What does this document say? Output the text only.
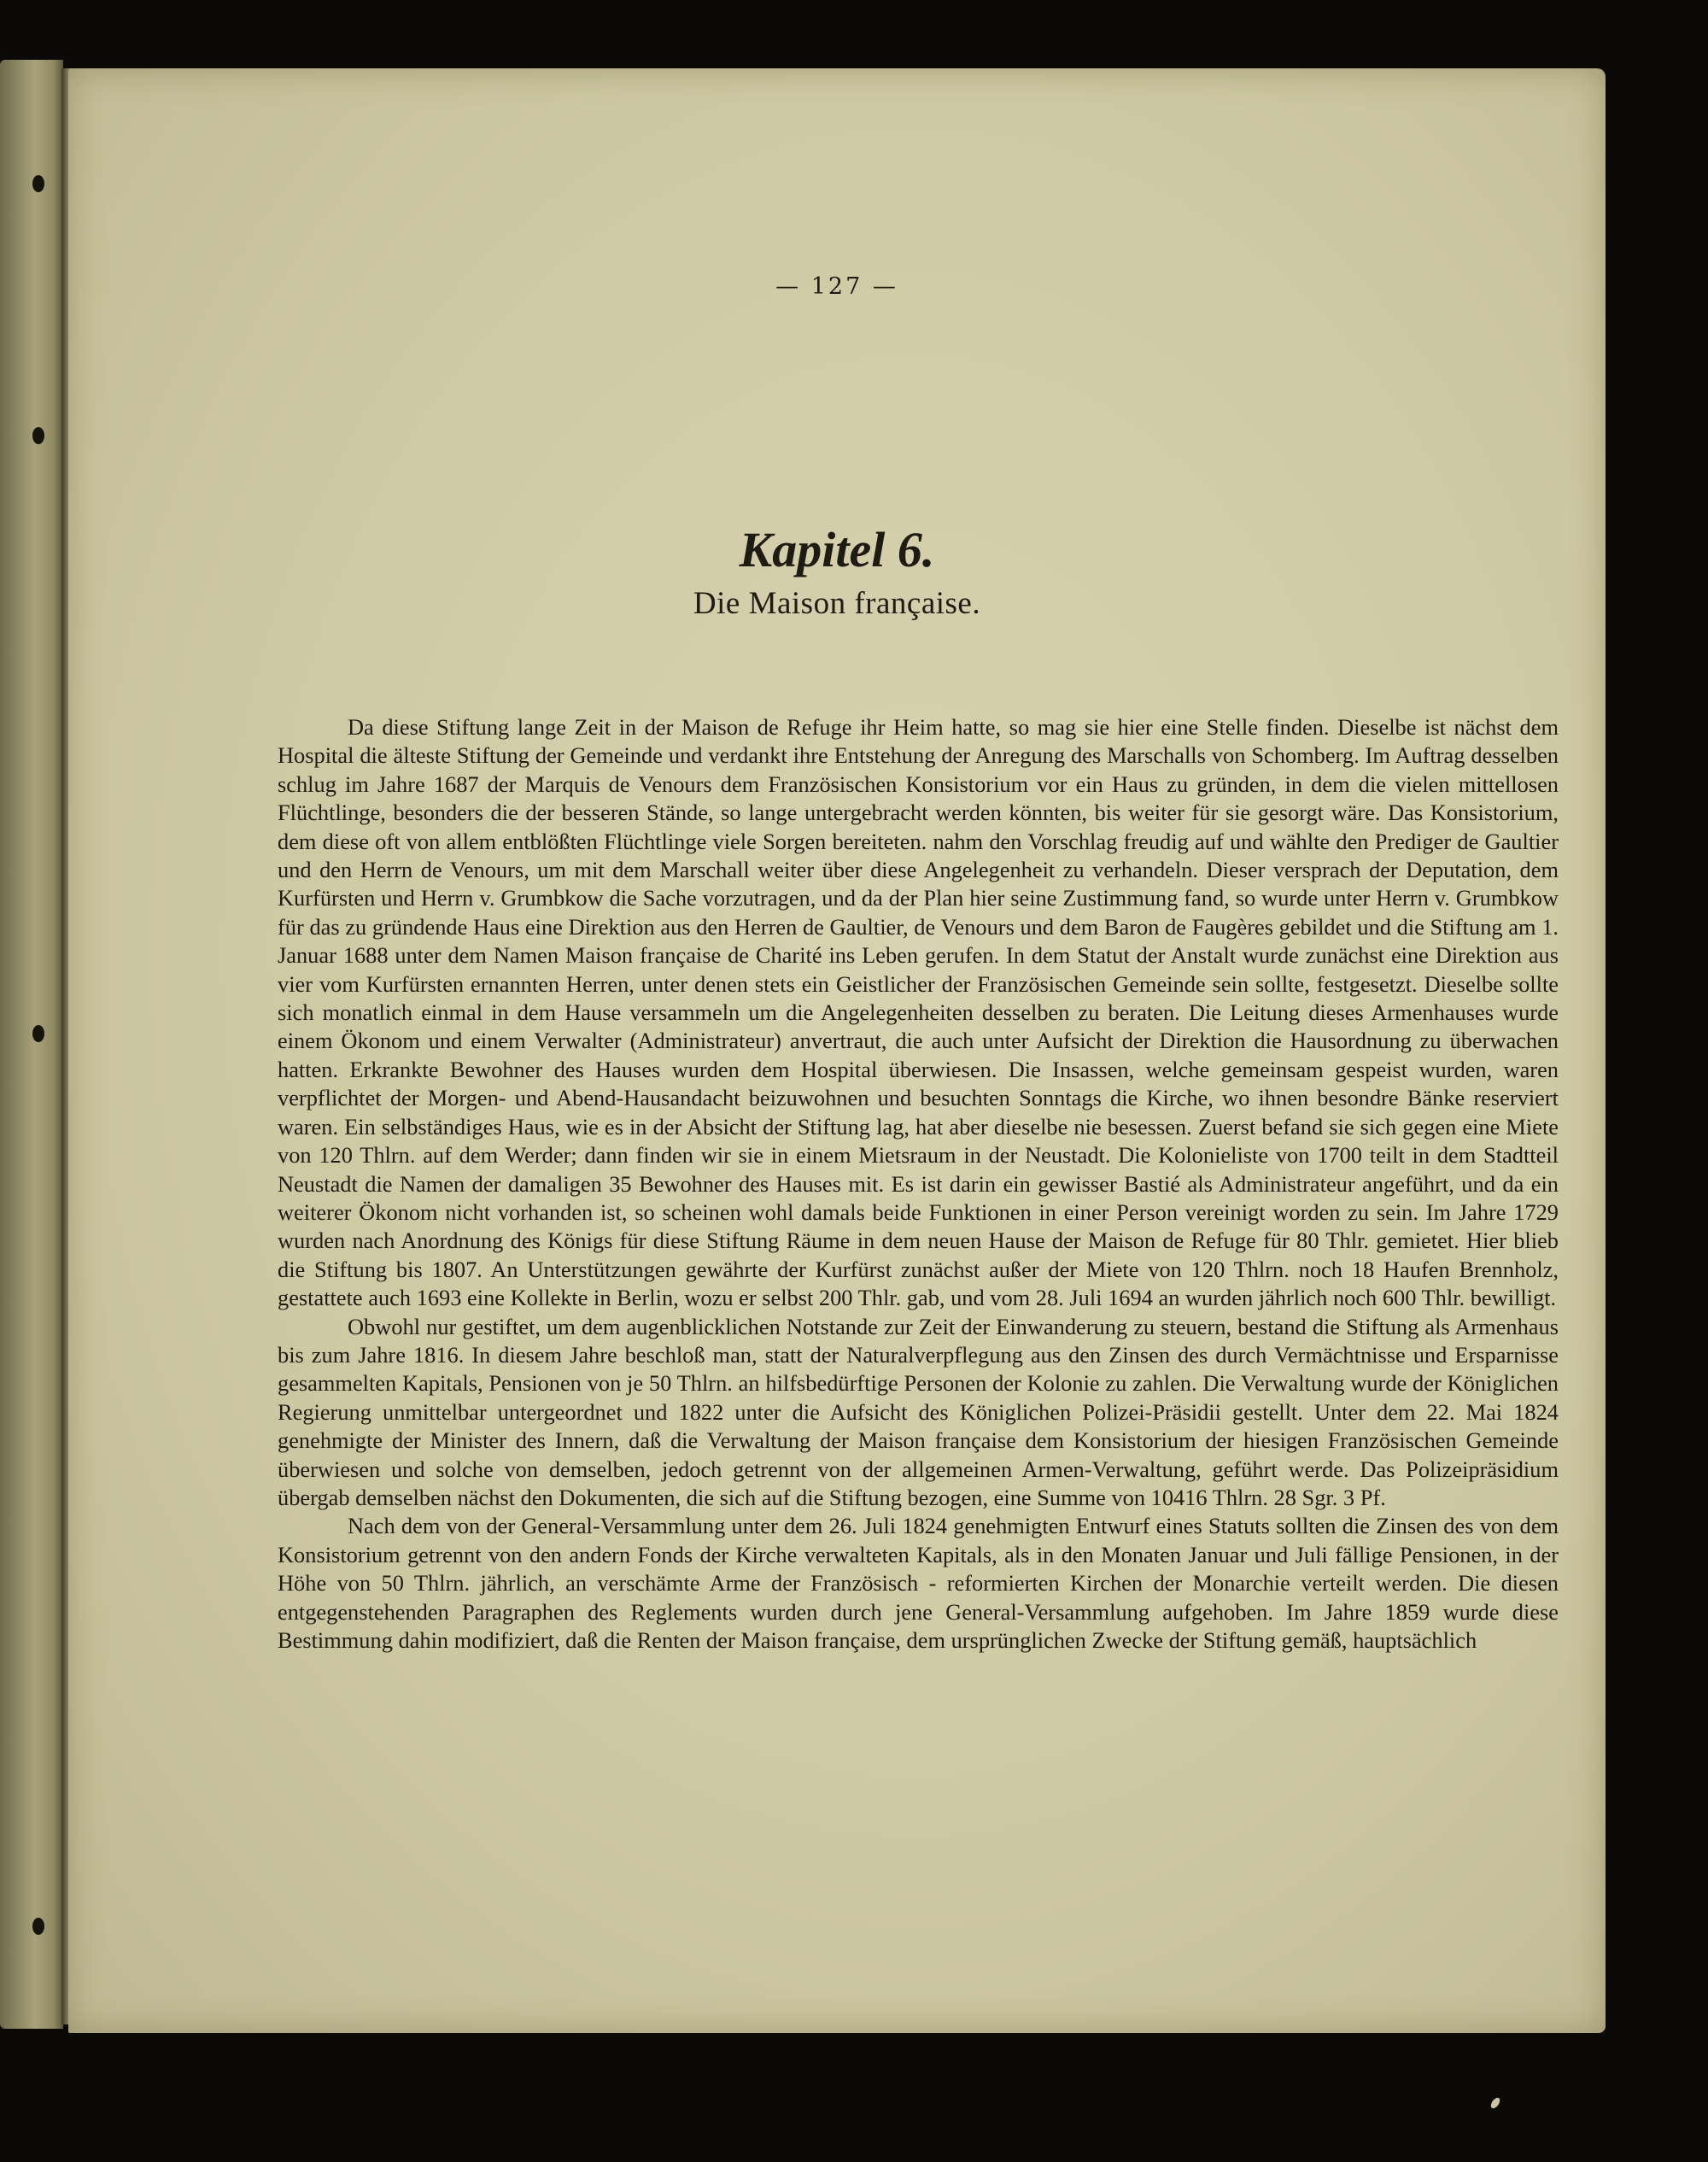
— 127 —
Kapitel 6.
Die Maison française.

Da diese Stiftung lange Zeit in der Maison de Refuge ihr Heim hatte, so mag sie hier eine Stelle finden. Dieselbe ist nächst dem Hospital die älteste Stiftung der Gemeinde und verdankt ihre Entstehung der Anregung des Marschalls von Schomberg. Im Auftrag desselben schlug im Jahre 1687 der Marquis de Venours dem Französischen Konsistorium vor ein Haus zu gründen, in dem die vielen mittellosen Flüchtlinge, besonders die der besseren Stände, so lange untergebracht werden könnten, bis weiter für sie gesorgt wäre. Das Konsistorium, dem diese oft von allem entblößten Flüchtlinge viele Sorgen bereiteten. nahm den Vorschlag freudig auf und wählte den Prediger de Gaultier und den Herrn de Venours, um mit dem Marschall weiter über diese Angelegenheit zu verhandeln. Dieser versprach der Deputation, dem Kurfürsten und Herrn v. Grumbkow die Sache vorzutragen, und da der Plan hier seine Zustimmung fand, so wurde unter Herrn v. Grumbkow für das zu gründende Haus eine Direktion aus den Herren de Gaultier, de Venours und dem Baron de Faugères gebildet und die Stiftung am 1. Januar 1688 unter dem Namen Maison française de Charité ins Leben gerufen. In dem Statut der Anstalt wurde zunächst eine Direktion aus vier vom Kurfürsten ernannten Herren, unter denen stets ein Geistlicher der Französischen Gemeinde sein sollte, festgesetzt. Dieselbe sollte sich monatlich einmal in dem Hause versammeln um die Angelegenheiten desselben zu beraten. Die Leitung dieses Armenhauses wurde einem Ökonom und einem Verwalter (Administrateur) anvertraut, die auch unter Aufsicht der Direktion die Hausordnung zu überwachen hatten. Erkrankte Bewohner des Hauses wurden dem Hospital überwiesen. Die Insassen, welche gemeinsam gespeist wurden, waren verpflichtet der Morgen- und Abend-Hausandacht beizuwohnen und besuchten Sonntags die Kirche, wo ihnen besondre Bänke reserviert waren. Ein selbständiges Haus, wie es in der Absicht der Stiftung lag, hat aber dieselbe nie besessen. Zuerst befand sie sich gegen eine Miete von 120 Thlrn. auf dem Werder; dann finden wir sie in einem Mietsraum in der Neustadt. Die Kolonieliste von 1700 teilt in dem Stadtteil Neustadt die Namen der damaligen 35 Bewohner des Hauses mit. Es ist darin ein gewisser Bastié als Administrateur angeführt, und da ein weiterer Ökonom nicht vorhanden ist, so scheinen wohl damals beide Funktionen in einer Person vereinigt worden zu sein. Im Jahre 1729 wurden nach Anordnung des Königs für diese Stiftung Räume in dem neuen Hause der Maison de Refuge für 80 Thlr. gemietet. Hier blieb die Stiftung bis 1807. An Unterstützungen gewährte der Kurfürst zunächst außer der Miete von 120 Thlrn. noch 18 Haufen Brennholz, gestattete auch 1693 eine Kollekte in Berlin, wozu er selbst 200 Thlr. gab, und vom 28. Juli 1694 an wurden jährlich noch 600 Thlr. bewilligt.

Obwohl nur gestiftet, um dem augenblicklichen Notstande zur Zeit der Einwanderung zu steuern, bestand die Stiftung als Armenhaus bis zum Jahre 1816. In diesem Jahre beschloß man, statt der Naturalverpflegung aus den Zinsen des durch Vermächtnisse und Ersparnisse gesammelten Kapitals, Pensionen von je 50 Thlrn. an hilfsbedürftige Personen der Kolonie zu zahlen. Die Verwaltung wurde der Königlichen Regierung unmittelbar untergeordnet und 1822 unter die Aufsicht des Königlichen Polizei-Präsidii gestellt. Unter dem 22. Mai 1824 genehmigte der Minister des Innern, daß die Verwaltung der Maison française dem Konsistorium der hiesigen Französischen Gemeinde überwiesen und solche von demselben, jedoch getrennt von der allgemeinen Armen-Verwaltung, geführt werde. Das Polizeipräsidium übergab demselben nächst den Dokumenten, die sich auf die Stiftung bezogen, eine Summe von 10416 Thlrn. 28 Sgr. 3 Pf.

Nach dem von der General-Versammlung unter dem 26. Juli 1824 genehmigten Entwurf eines Statuts sollten die Zinsen des von dem Konsistorium getrennt von den andern Fonds der Kirche verwalteten Kapitals, als in den Monaten Januar und Juli fällige Pensionen, in der Höhe von 50 Thlrn. jährlich, an verschämte Arme der Französisch - reformierten Kirchen der Monarchie verteilt werden. Die diesen entgegenstehenden Paragraphen des Reglements wurden durch jene General-Versammlung aufgehoben. Im Jahre 1859 wurde diese Bestimmung dahin modifiziert, daß die Renten der Maison française, dem ursprünglichen Zwecke der Stiftung gemäß, hauptsächlich
